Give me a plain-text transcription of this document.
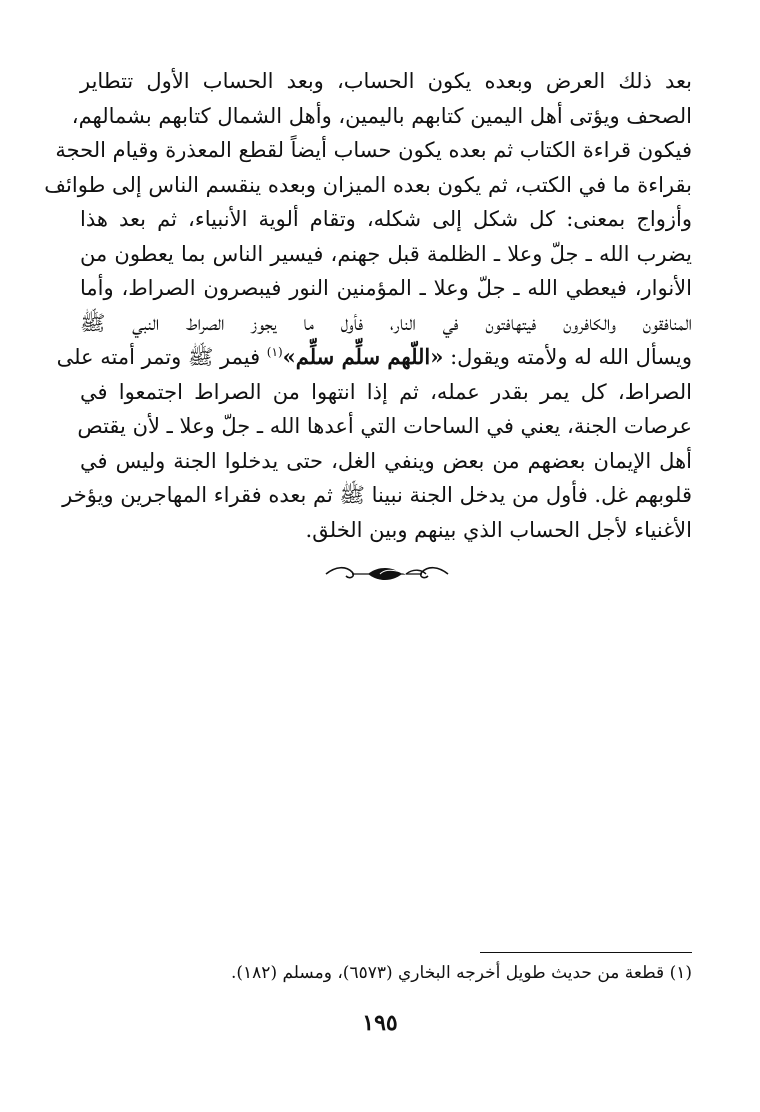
بعد ذلك العرض وبعده يكون الحساب، وبعد الحساب الأول تتطاير
الصحف ويؤتى أهل اليمين كتابهم باليمين، وأهل الشمال كتابهم بشمالهم،
فيكون قراءة الكتاب ثم بعده يكون حساب أيضاً لقطع المعذرة وقيام الحجة
بقراءة ما في الكتب، ثم يكون بعده الميزان وبعده ينقسم الناس إلى طوائف
وأزواج بمعنى: كل شكل إلى شكله، وتقام ألوية الأنبياء، ثم بعد هذا
يضرب الله ـ جلّ وعلا ـ الظلمة قبل جهنم، فيسير الناس بما يعطون من
الأنوار، فيعطي الله ـ جلّ وعلا ـ المؤمنين النور فيبصرون الصراط، وأما
المنافقون والكافرون فيتهافتون في النار، فأول ما يجوز الصراط النبي ﷺ
ويسأل الله له ولأمته ويقول: «اللّهم سلِّم سلِّم»$^{(١)}$ فيمر ﷺ وتمر أمته على
الصراط، كل يمر بقدر عمله، ثم إذا انتهوا من الصراط اجتمعوا في
عرصات الجنة، يعني في الساحات التي أعدها الله ـ جلّ وعلا ـ لأن يقتص
أهل الإيمان بعضهم من بعض وينفي الغل، حتى يدخلوا الجنة وليس في
قلوبهم غل. فأول من يدخل الجنة نبينا ﷺ ثم بعده فقراء المهاجرين ويؤخر
الأغنياء لأجل الحساب الذي بينهم وبين الخلق.

(١) قطعة من حديث طويل أخرجه البخاري (٦٥٧٣)، ومسلم (١٨٢).
١٩٥
